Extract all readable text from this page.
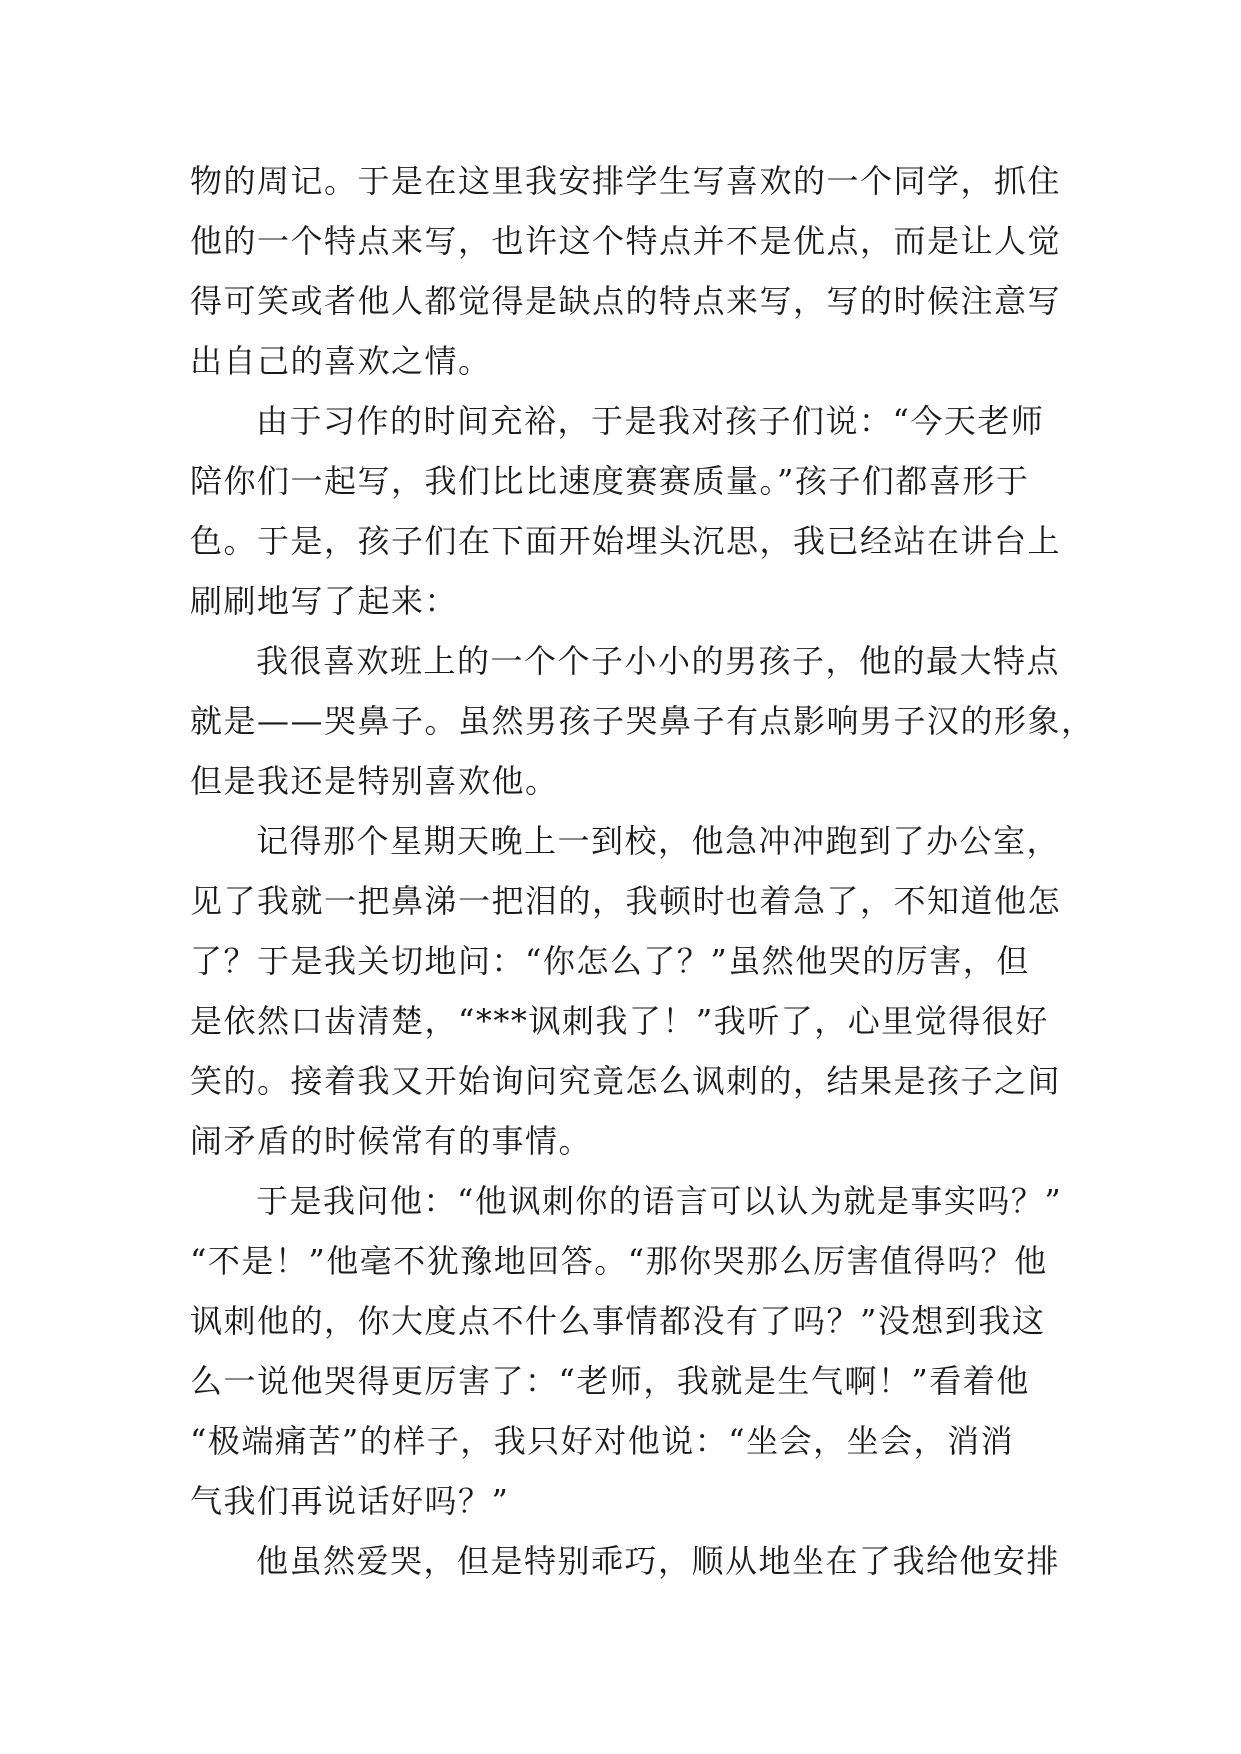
物的周记。于是在这里我安排学生写喜欢的一个同学，抓住
他的一个特点来写，也许这个特点并不是优点，而是让人觉
得可笑或者他人都觉得是缺点的特点来写，写的时候注意写
出自己的喜欢之情。
由于习作的时间充裕，于是我对孩子们说：“今天老师
陪你们一起写，我们比比速度赛赛质量。”孩子们都喜形于
色。于是，孩子们在下面开始埋头沉思，我已经站在讲台上
刷刷地写了起来：
我很喜欢班上的一个个子小小的男孩子，他的最大特点
就是——哭鼻子。虽然男孩子哭鼻子有点影响男子汉的形象，
但是我还是特别喜欢他。
记得那个星期天晚上一到校，他急冲冲跑到了办公室，
见了我就一把鼻涕一把泪的，我顿时也着急了，不知道他怎
了？于是我关切地问：“你怎么了？”虽然他哭的厉害，但
是依然口齿清楚，“***讽刺我了！”我听了，心里觉得很好
笑的。接着我又开始询问究竟怎么讽刺的，结果是孩子之间
闹矛盾的时候常有的事情。
于是我问他：“他讽刺你的语言可以认为就是事实吗？”
“不是！”他毫不犹豫地回答。“那你哭那么厉害值得吗？他
讽刺他的，你大度点不什么事情都没有了吗？”没想到我这
么一说他哭得更厉害了：“老师，我就是生气啊！”看着他
“极端痛苦”的样子，我只好对他说：“坐会，坐会，消消
气我们再说话好吗？”
他虽然爱哭，但是特别乖巧，顺从地坐在了我给他安排
